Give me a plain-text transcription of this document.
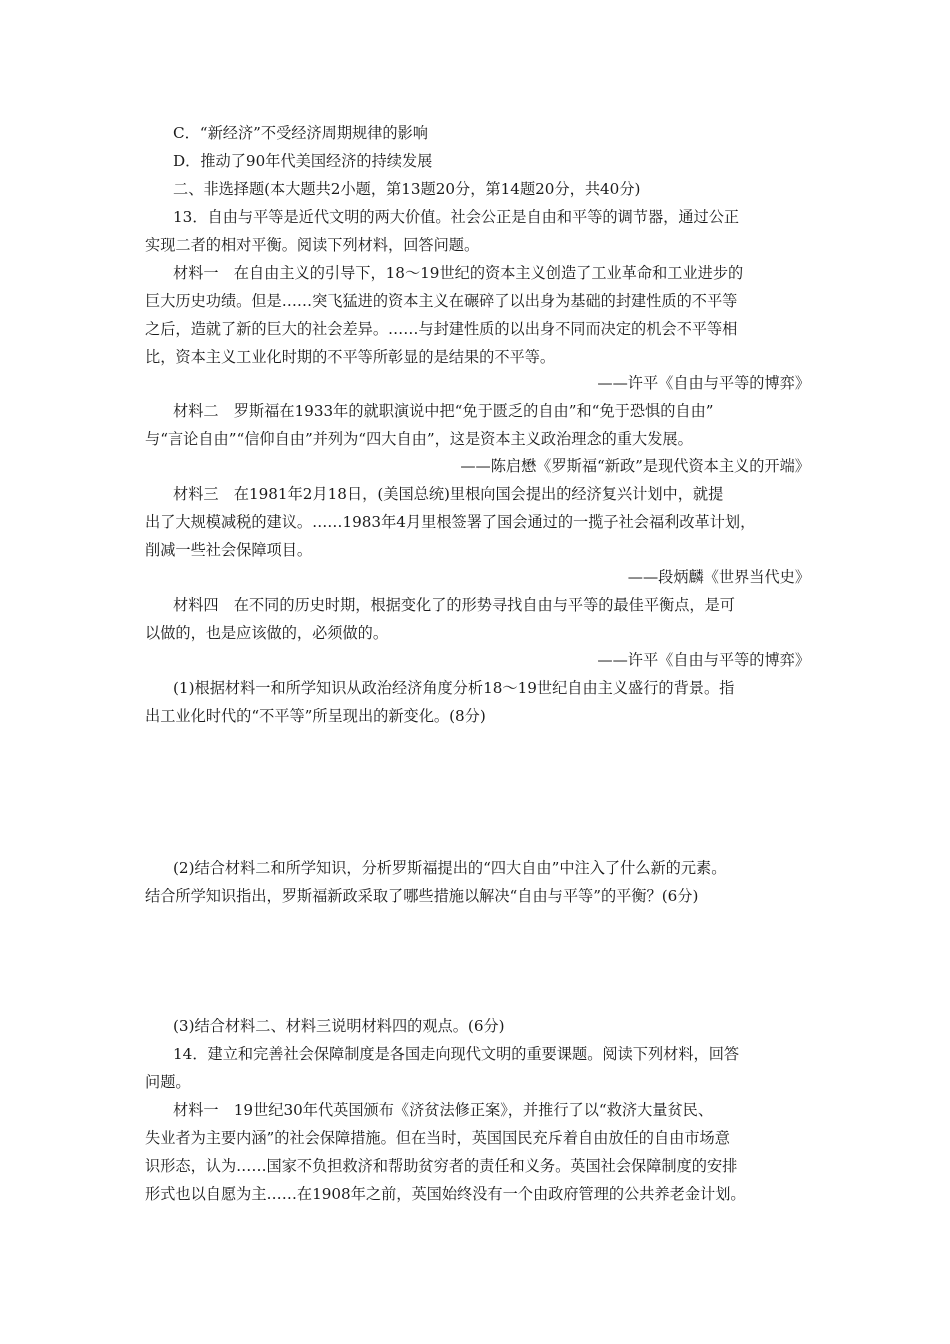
C．“新经济”不受经济周期规律的影响
D．推动了90年代美国经济的持续发展
二、非选择题(本大题共2小题，第13题20分，第14题20分，共40分)
13．自由与平等是近代文明的两大价值。社会公正是自由和平等的调节器，通过公正
实现二者的相对平衡。阅读下列材料，回答问题。
材料一　在自由主义的引导下，18～19世纪的资本主义创造了工业革命和工业进步的
巨大历史功绩。但是……突飞猛进的资本主义在碾碎了以出身为基础的封建性质的不平等
之后，造就了新的巨大的社会差异。……与封建性质的以出身不同而决定的机会不平等相
比，资本主义工业化时期的不平等所彰显的是结果的不平等。
——许平《自由与平等的博弈》
材料二　罗斯福在1933年的就职演说中把“免于匮乏的自由”和“免于恐惧的自由”
与“言论自由”“信仰自由”并列为“四大自由”，这是资本主义政治理念的重大发展。
——陈启懋《罗斯福“新政”是现代资本主义的开端》
材料三　在1981年2月18日，(美国总统)里根向国会提出的经济复兴计划中，就提
出了大规模减税的建议。……1983年4月里根签署了国会通过的一揽子社会福利改革计划，
削减一些社会保障项目。
——段炳麟《世界当代史》
材料四　在不同的历史时期，根据变化了的形势寻找自由与平等的最佳平衡点，是可
以做的，也是应该做的，必须做的。
——许平《自由与平等的博弈》
(1)根据材料一和所学知识从政治经济角度分析18～19世纪自由主义盛行的背景。指
出工业化时代的“不平等”所呈现出的新变化。(8分)
(2)结合材料二和所学知识，分析罗斯福提出的“四大自由”中注入了什么新的元素。
结合所学知识指出，罗斯福新政采取了哪些措施以解决“自由与平等”的平衡？(6分)
(3)结合材料二、材料三说明材料四的观点。(6分)
14．建立和完善社会保障制度是各国走向现代文明的重要课题。阅读下列材料，回答
问题。
材料一　19世纪30年代英国颁布《济贫法修正案》，并推行了以“救济大量贫民、
失业者为主要内涵”的社会保障措施。但在当时，英国国民充斥着自由放任的自由市场意
识形态，认为……国家不负担救济和帮助贫穷者的责任和义务。英国社会保障制度的安排
形式也以自愿为主……在1908年之前，英国始终没有一个由政府管理的公共养老金计划。
